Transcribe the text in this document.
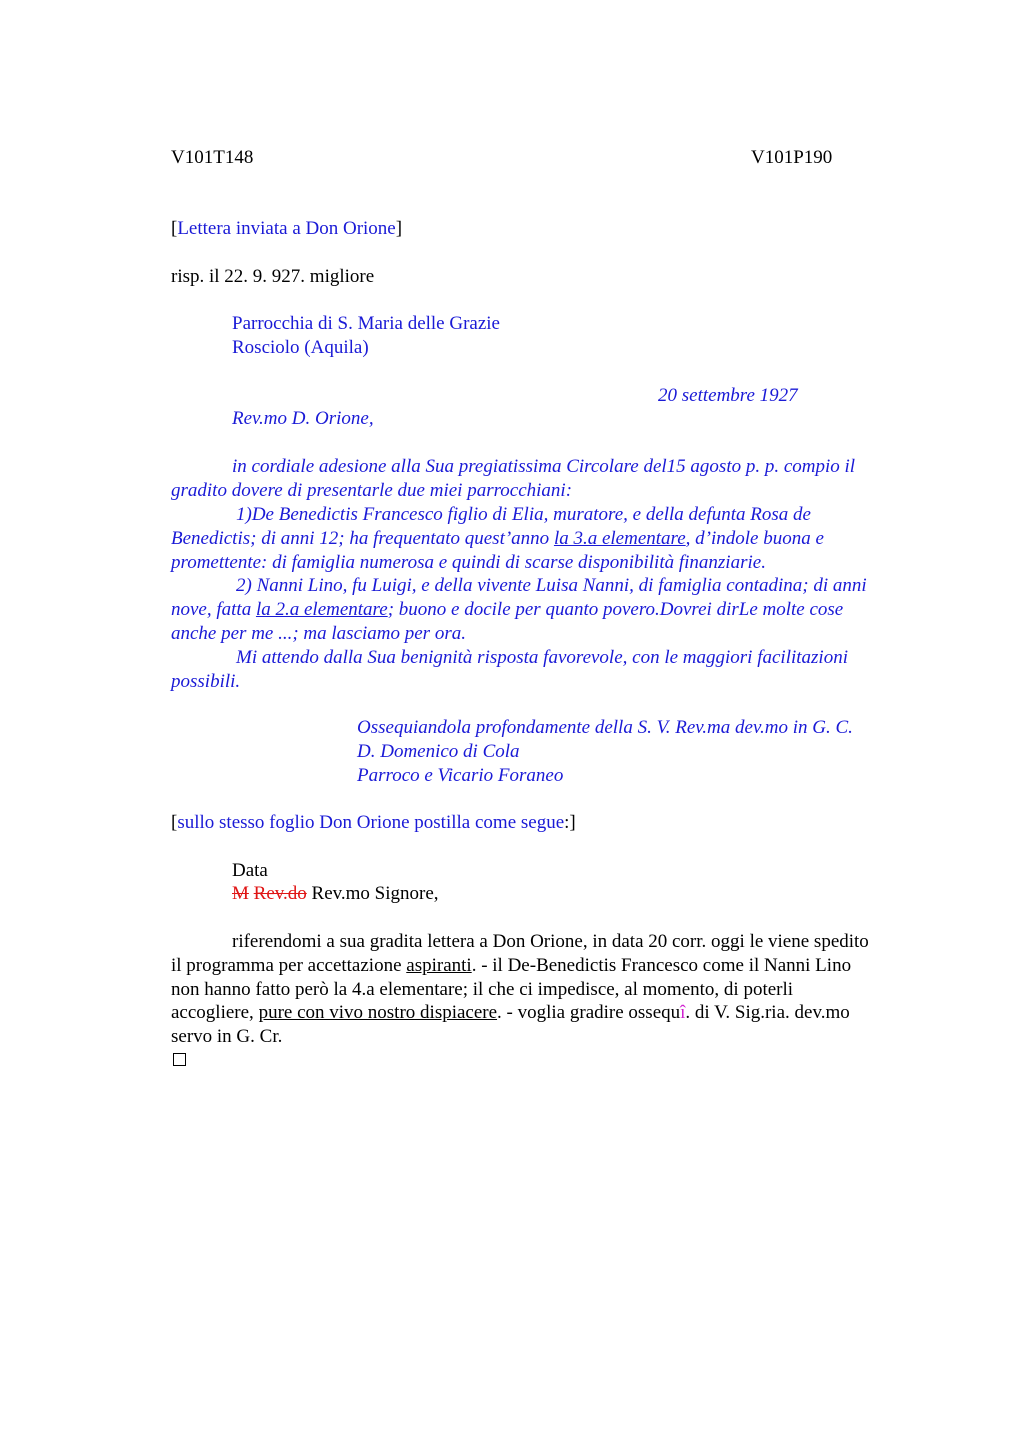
V101T148	V101P190
[Lettera inviata a Don Orione]
risp. il 22. 9. 927. migliore
Parrocchia di S. Maria delle Grazie
Rosciolo (Aquila)
20 settembre 1927
Rev.mo D. Orione,
in cordiale adesione alla Sua pregiatissima Circolare del15 agosto p. p. compio il
gradito dovere di presentarle due miei parrocchiani:
1)De Benedictis Francesco figlio di Elia, muratore, e della defunta Rosa de
Benedictis; di anni 12; ha frequentato quest’anno la 3.a elementare, d’indole buona e
promettente: di famiglia numerosa e quindi di scarse disponibilità finanziarie.
2) Nanni Lino, fu Luigi, e della vivente Luisa Nanni, di famiglia contadina; di anni
nove, fatta la 2.a elementare; buono e docile per quanto povero.Dovrei dirLe molte cose
anche per me ...; ma lasciamo per ora.
Mi attendo dalla Sua benignità risposta favorevole, con le maggiori facilitazioni
possibili.
Ossequiandola profondamente della S. V. Rev.ma dev.mo in G. C.
D. Domenico di Cola
Parroco e Vicario Foraneo
[sullo stesso foglio Don Orione postilla come segue:]
Data
M Rev.do Rev.mo Signore,
riferendomi a sua gradita lettera a Don Orione, in data 20 corr. oggi le viene spedito
il programma per accettazione aspiranti. - il De-Benedictis Francesco come il Nanni Lino
non hanno fatto però la 4.a elementare; il che ci impedisce, al momento, di poterli
accogliere, pure con vivo nostro dispiacere. - voglia gradire ossequî. di V. Sig.ria. dev.mo
servo in G. Cr.
